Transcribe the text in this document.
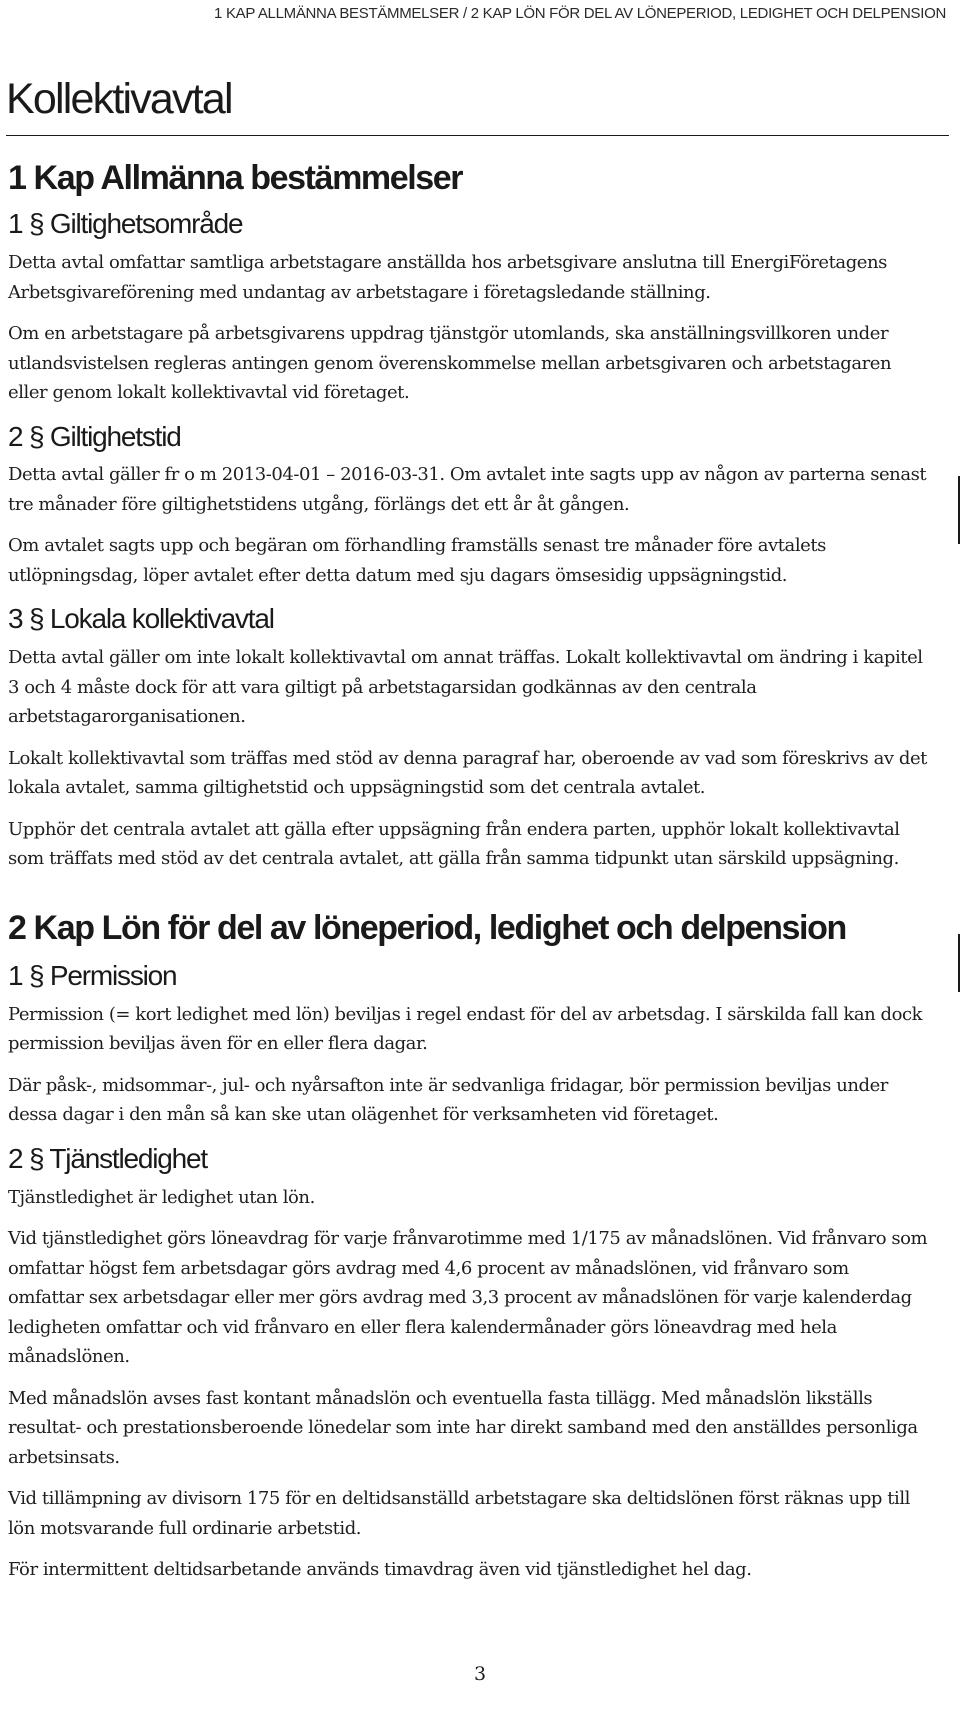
1 KAP ALLMÄNNA BESTÄMMELSER / 2 KAP LÖN FÖR DEL AV LÖNEPERIOD, LEDIGHET OCH DELPENSION
Kollektivavtal
1 Kap Allmänna bestämmelser
1 § Giltighetsområde

Detta avtal omfattar samtliga arbetstagare anställda hos arbetsgivare anslutna till EnergiFöretagens Arbetsgivareförening med undantag av arbetstagare i företagsledande ställning.

Om en arbetstagare på arbetsgivarens uppdrag tjänstgör utomlands, ska anställningsvillkoren under utlandsvistelsen regleras antingen genom överenskommelse mellan arbetsgivaren och arbetstagaren eller genom lokalt kollektivavtal vid företaget.

2 § Giltighetstid

Detta avtal gäller fr o m 2013-04-01 – 2016-03-31. Om avtalet inte sagts upp av någon av parterna senast tre månader före giltighetstidens utgång, förlängs det ett år åt gången.

Om avtalet sagts upp och begäran om förhandling framställs senast tre månader före avtalets utlöpningsdag, löper avtalet efter detta datum med sju dagars ömsesidig uppsägningstid.

3 § Lokala kollektivavtal

Detta avtal gäller om inte lokalt kollektivavtal om annat träffas. Lokalt kollektivavtal om ändring i kapitel 3 och 4 måste dock för att vara giltigt på arbetstagarsidan godkännas av den centrala arbetstagarorganisationen.

Lokalt kollektivavtal som träffas med stöd av denna paragraf har, oberoende av vad som föreskrivs av det lokala avtalet, samma giltighetstid och uppsägningstid som det centrala avtalet.

Upphör det centrala avtalet att gälla efter uppsägning från endera parten, upphör lokalt kollektivavtal som träffats med stöd av det centrala avtalet, att gälla från samma tidpunkt utan särskild uppsägning.

2 Kap Lön för del av löneperiod, ledighet och delpension
1 § Permission

Permission (= kort ledighet med lön) beviljas i regel endast för del av arbetsdag. I särskilda fall kan dock permission beviljas även för en eller flera dagar.

Där påsk-, midsommar-, jul- och nyårsafton inte är sedvanliga fridagar, bör permission beviljas under dessa dagar i den mån så kan ske utan olägenhet för verksamheten vid företaget.

2 § Tjänstledighet

Tjänstledighet är ledighet utan lön.

Vid tjänstledighet görs löneavdrag för varje frånvarotimme med 1/175 av månadslönen. Vid frånvaro som omfattar högst fem arbetsdagar görs avdrag med 4,6 procent av månadslönen, vid frånvaro som omfattar sex arbetsdagar eller mer görs avdrag med 3,3 procent av månadslönen för varje kalenderdag ledigheten omfattar och vid frånvaro en eller flera kalendermånader görs löneavdrag med hela månadslönen.

Med månadslön avses fast kontant månadslön och eventuella fasta tillägg. Med månadslön likställs resultat- och prestationsberoende lönedelar som inte har direkt samband med den anställdes personliga arbetsinsats.

Vid tillämpning av divisorn 175 för en deltidsanställd arbetstagare ska deltidslönen först räknas upp till lön motsvarande full ordinarie arbetstid.

För intermittent deltidsarbetande används timavdrag även vid tjänstledighet hel dag.

3
